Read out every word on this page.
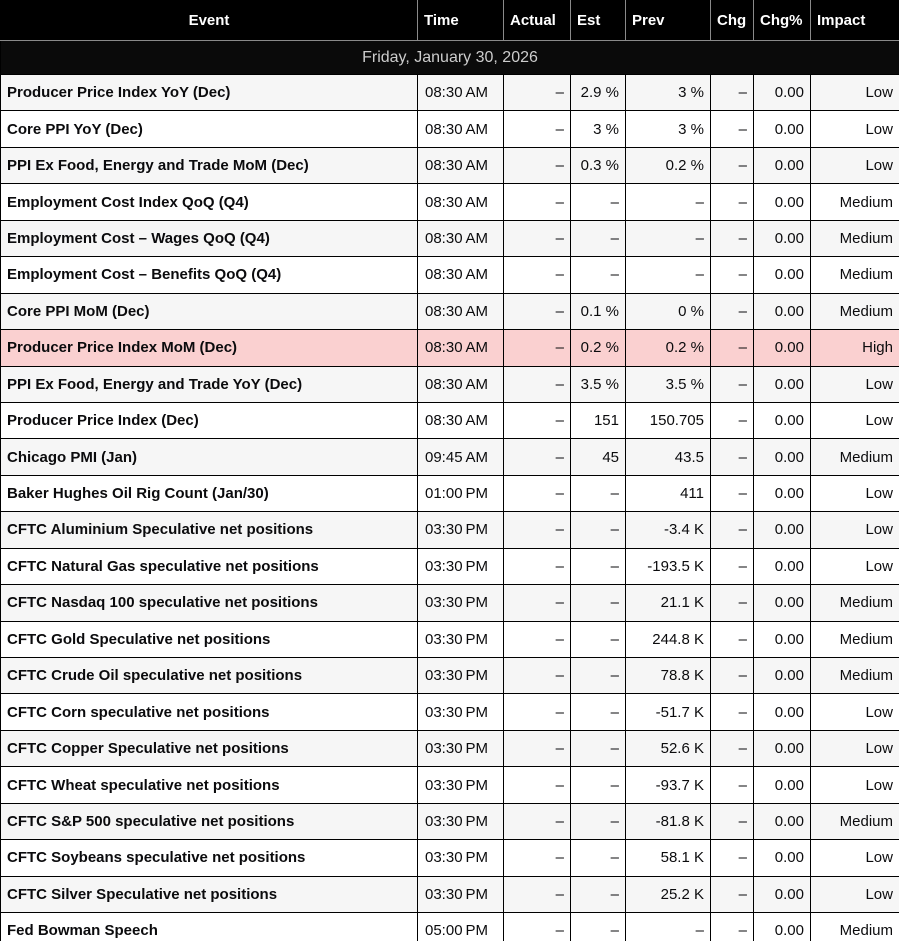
Event	Time	Actual	Est	Prev	Chg	Chg%	Impact
Friday, January 30, 2026							
Producer Price Index YoY (Dec)	08:30 AM	–	2.9 %	3 %	–	0.00	Low
Core PPI YoY (Dec)	08:30 AM	–	3 %	3 %	–	0.00	Low
PPI Ex Food, Energy and Trade MoM (Dec)	08:30 AM	–	0.3 %	0.2 %	–	0.00	Low
Employment Cost Index QoQ (Q4)	08:30 AM	–	–	–	–	0.00	Medium
Employment Cost – Wages QoQ (Q4)	08:30 AM	–	–	–	–	0.00	Medium
Employment Cost – Benefits QoQ (Q4)	08:30 AM	–	–	–	–	0.00	Medium
Core PPI MoM (Dec)	08:30 AM	–	0.1 %	0 %	–	0.00	Medium
Producer Price Index MoM (Dec)	08:30 AM	–	0.2 %	0.2 %	–	0.00	High
PPI Ex Food, Energy and Trade YoY (Dec)	08:30 AM	–	3.5 %	3.5 %	–	0.00	Low
Producer Price Index (Dec)	08:30 AM	–	151	150.705	–	0.00	Low
Chicago PMI (Jan)	09:45 AM	–	45	43.5	–	0.00	Medium
Baker Hughes Oil Rig Count (Jan/30)	01:00 PM	–	–	411	–	0.00	Low
CFTC Aluminium Speculative net positions	03:30 PM	–	–	-3.4 K	–	0.00	Low
CFTC Natural Gas speculative net positions	03:30 PM	–	–	-193.5 K	–	0.00	Low
CFTC Nasdaq 100 speculative net positions	03:30 PM	–	–	21.1 K	–	0.00	Medium
CFTC Gold Speculative net positions	03:30 PM	–	–	244.8 K	–	0.00	Medium
CFTC Crude Oil speculative net positions	03:30 PM	–	–	78.8 K	–	0.00	Medium
CFTC Corn speculative net positions	03:30 PM	–	–	-51.7 K	–	0.00	Low
CFTC Copper Speculative net positions	03:30 PM	–	–	52.6 K	–	0.00	Low
CFTC Wheat speculative net positions	03:30 PM	–	–	-93.7 K	–	0.00	Low
CFTC S&P 500 speculative net positions	03:30 PM	–	–	-81.8 K	–	0.00	Medium
CFTC Soybeans speculative net positions	03:30 PM	–	–	58.1 K	–	0.00	Low
CFTC Silver Speculative net positions	03:30 PM	–	–	25.2 K	–	0.00	Low
Fed Bowman Speech	05:00 PM	–	–	–	–	0.00	Medium
